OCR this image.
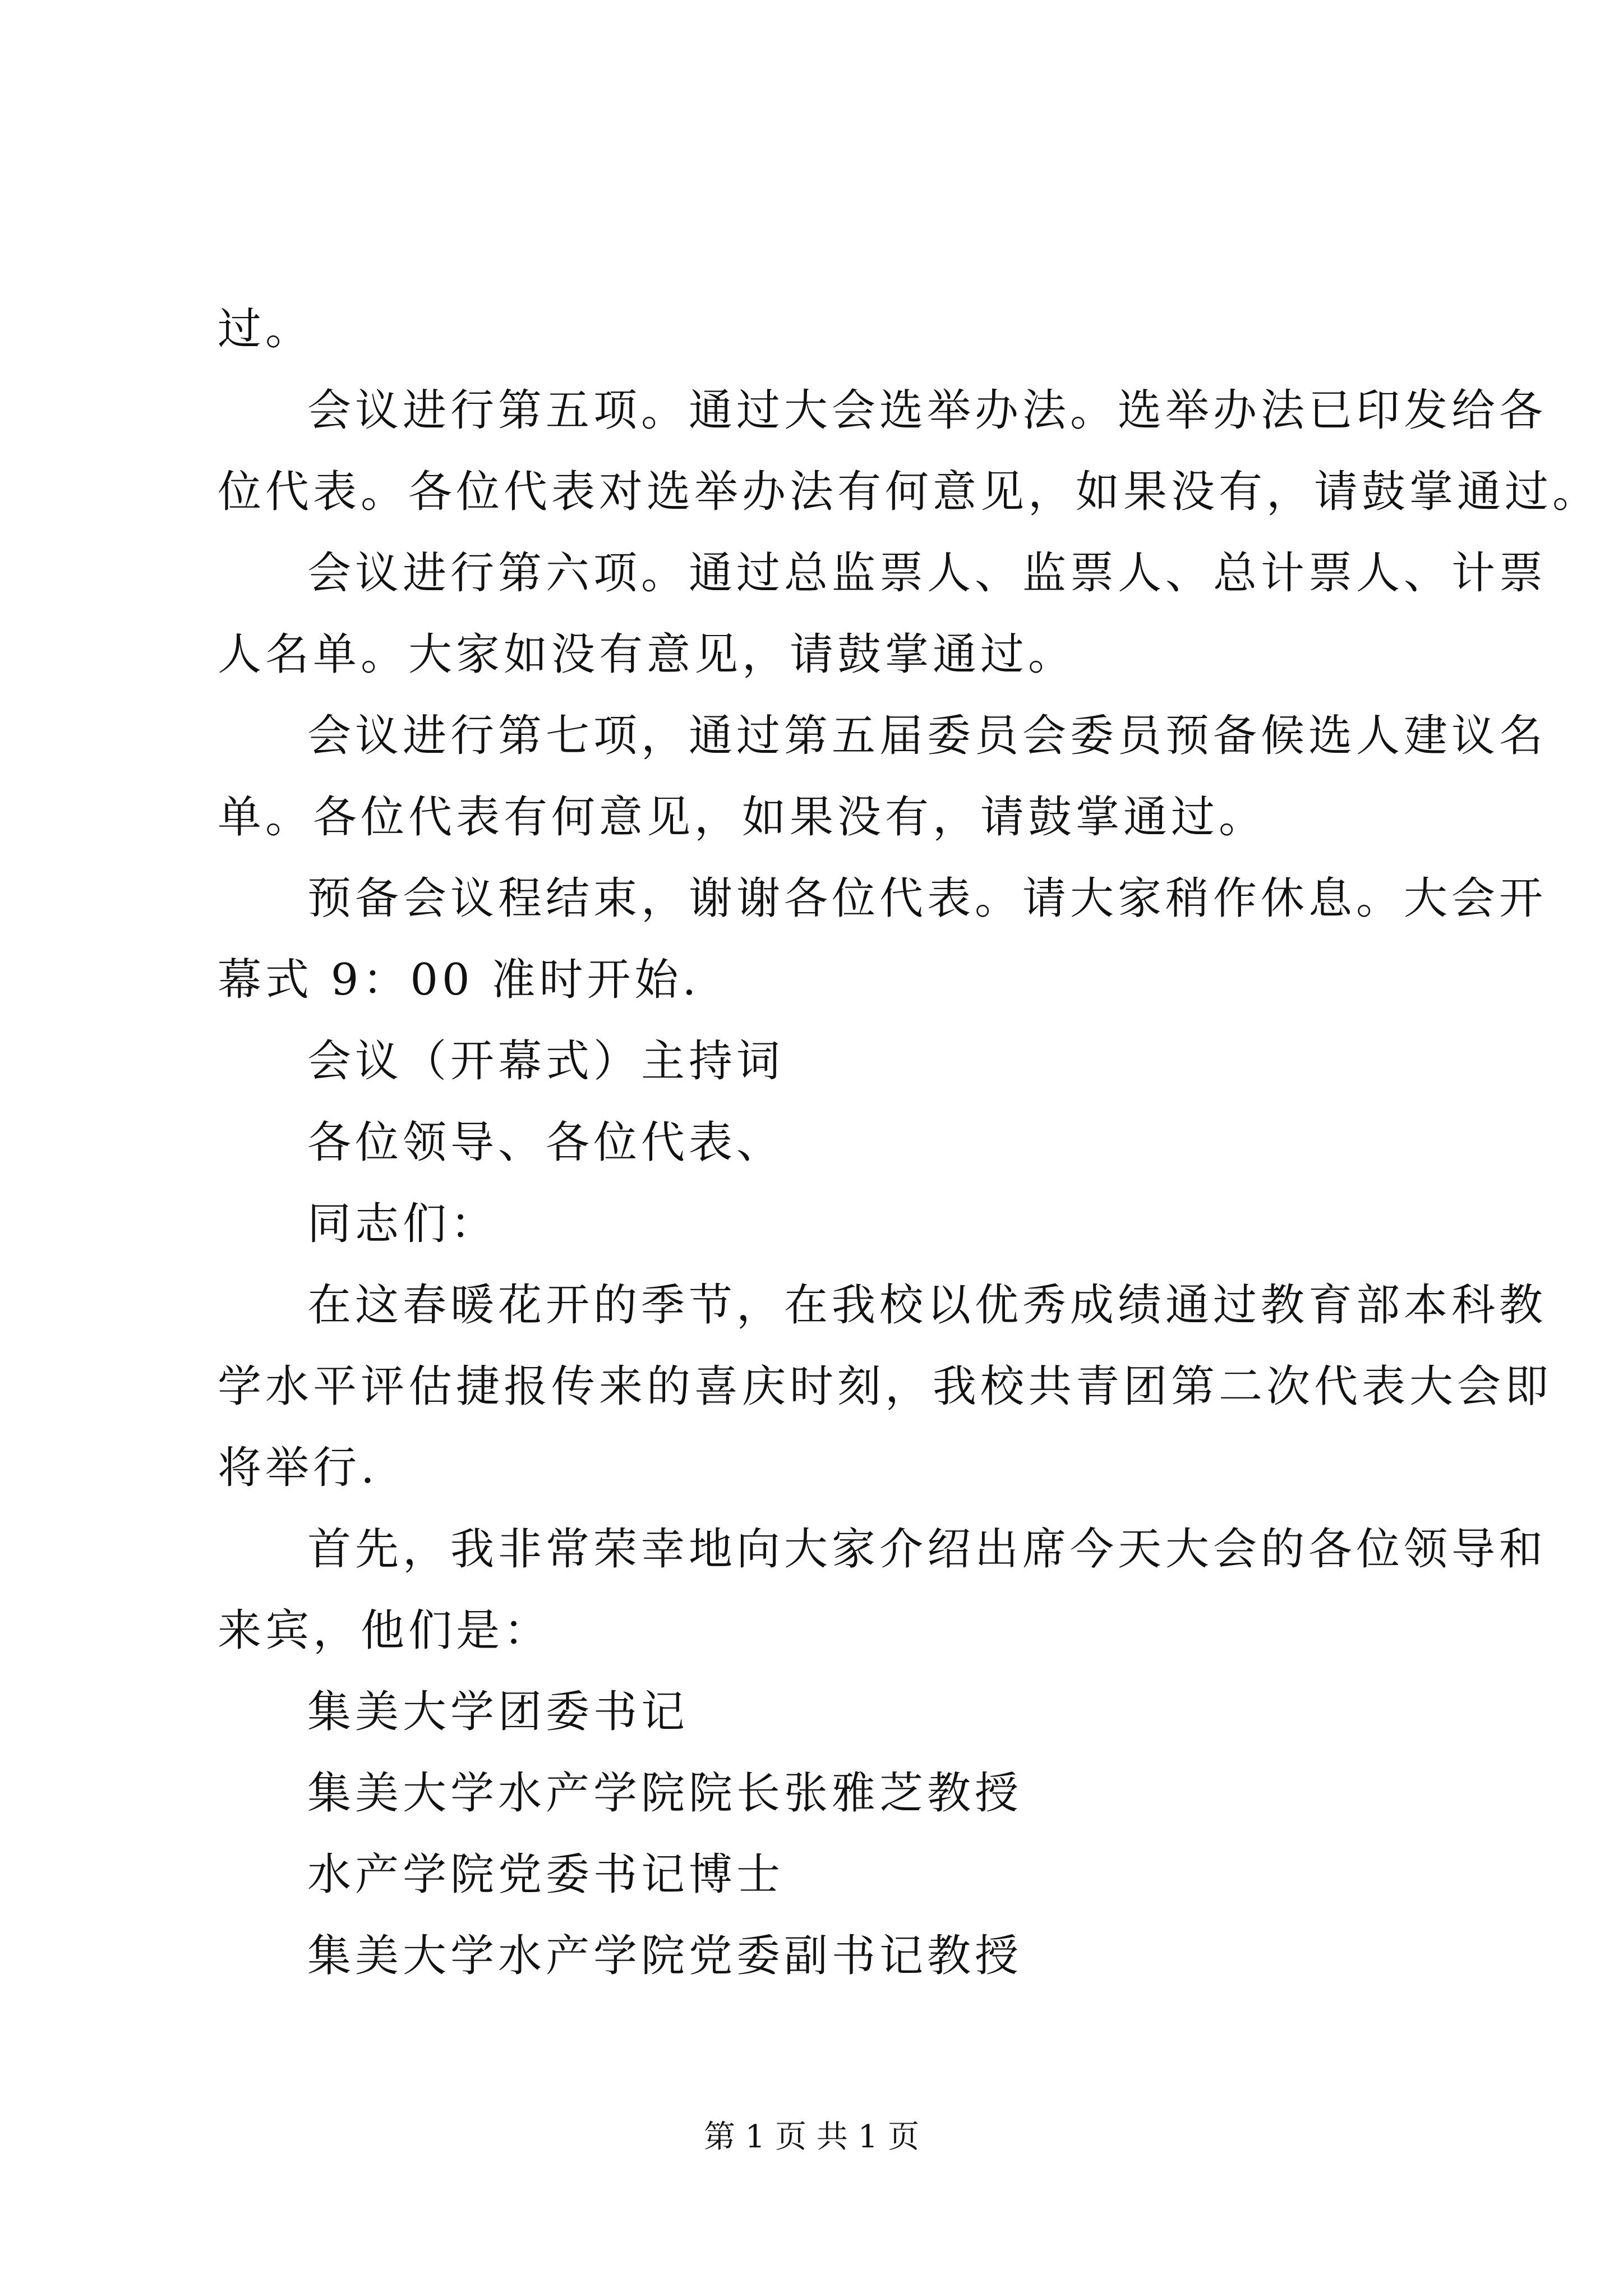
过。
会议进行第五项。通过大会选举办法。选举办法已印发给各
位代表。各位代表对选举办法有何意见，如果没有，请鼓掌通过。
会议进行第六项。通过总监票人、监票人、总计票人、计票
人名单。大家如没有意见，请鼓掌通过。
会议进行第七项，通过第五届委员会委员预备候选人建议名
单。各位代表有何意见，如果没有，请鼓掌通过。
预备会议程结束，谢谢各位代表。请大家稍作休息。大会开
幕式 9：00 准时开始.
会议（开幕式）主持词
各位领导、各位代表、
同志们：
在这春暖花开的季节，在我校以优秀成绩通过教育部本科教
学水平评估捷报传来的喜庆时刻，我校共青团第二次代表大会即
将举行.
首先，我非常荣幸地向大家介绍出席今天大会的各位领导和
来宾，他们是：
集美大学团委书记
集美大学水产学院院长张雅芝教授
水产学院党委书记博士
集美大学水产学院党委副书记教授
第 1 页 共 1 页
